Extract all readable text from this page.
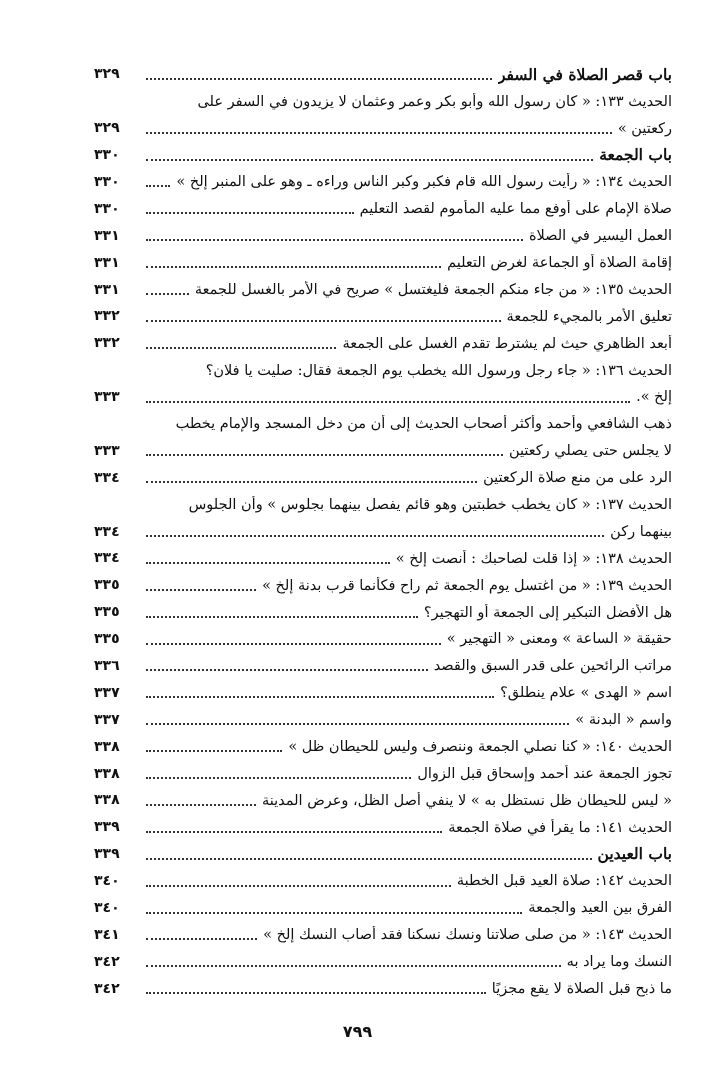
باب قصر الصلاة في السفر
٣٢٩
الحديث ١٣٣: « كان رسول الله وأبو بكر وعمر وعثمان لا يزيدون في السفر على
ركعتين »
٣٢٩
باب الجمعة
٣٣٠
الحديث ١٣٤: « رأيت رسول الله قام فكبر وكبر الناس وراءه ـ وهو على المنبر إلخ »
٣٣٠
صلاة الإمام على أوفع مما عليه المأموم لقصد التعليم
٣٣٠
العمل اليسير في الصلاة
٣٣١
إقامة الصلاة أو الجماعة لغرض التعليم
٣٣١
الحديث ١٣٥: « من جاء منكم الجمعة فليغتسل » صريح في الأمر بالغسل للجمعة
٣٣١
تعليق الأمر بالمجيء للجمعة
٣٣٢
أبعد الظاهري حيث لم يشترط تقدم الغسل على الجمعة
٣٣٢
الحديث ١٣٦: « جاء رجل ورسول الله يخطب يوم الجمعة فقال: صليت يا فلان؟
إلخ ».
٣٣٣
ذهب الشافعي وأحمد وأكثر أصحاب الحديث إلى أن من دخل المسجد والإمام يخطب
لا يجلس حتى يصلي ركعتين
٣٣٣
الرد على من منع صلاة الركعتين
٣٣٤
الحديث ١٣٧: « كان يخطب خطبتين وهو قائم يفصل بينهما بجلوس » وأن الجلوس
بينهما ركن
٣٣٤
الحديث ١٣٨: « إذا قلت لصاحبك : أنصت إلخ »
٣٣٤
الحديث ١٣٩: « من اغتسل يوم الجمعة ثم راح فكأنما قرب بدنة إلخ »
٣٣٥
هل الأفضل التبكير إلى الجمعة أو التهجير؟
٣٣٥
حقيقة « الساعة » ومعنى « التهجير »
٣٣٥
مراتب الرائحين على قدر السبق والقصد
٣٣٦
اسم « الهدى » علام ينطلق؟
٣٣٧
واسم « البدنة »
٣٣٧
الحديث ١٤٠: « كنا نصلي الجمعة وننصرف وليس للحيطان ظل »
٣٣٨
تجوز الجمعة عند أحمد وإسحاق قبل الزوال
٣٣٨
« ليس للحيطان ظل نستظل به » لا ينفي أصل الظل، وعرض المدينة
٣٣٨
الحديث ١٤١: ما يقرأ في صلاة الجمعة
٣٣٩
باب العيدين
٣٣٩
الحديث ١٤٢: صلاة العيد قبل الخطبة
٣٤٠
الفرق بين العيد والجمعة
٣٤٠
الحديث ١٤٣: « من صلى صلاتنا ونسك نسكنا فقد أصاب النسك إلخ »
٣٤١
النسك وما يراد به
٣٤٢
ما ذبح قبل الصلاة لا يقع مجزيًا
٣٤٢
٧٩٩
